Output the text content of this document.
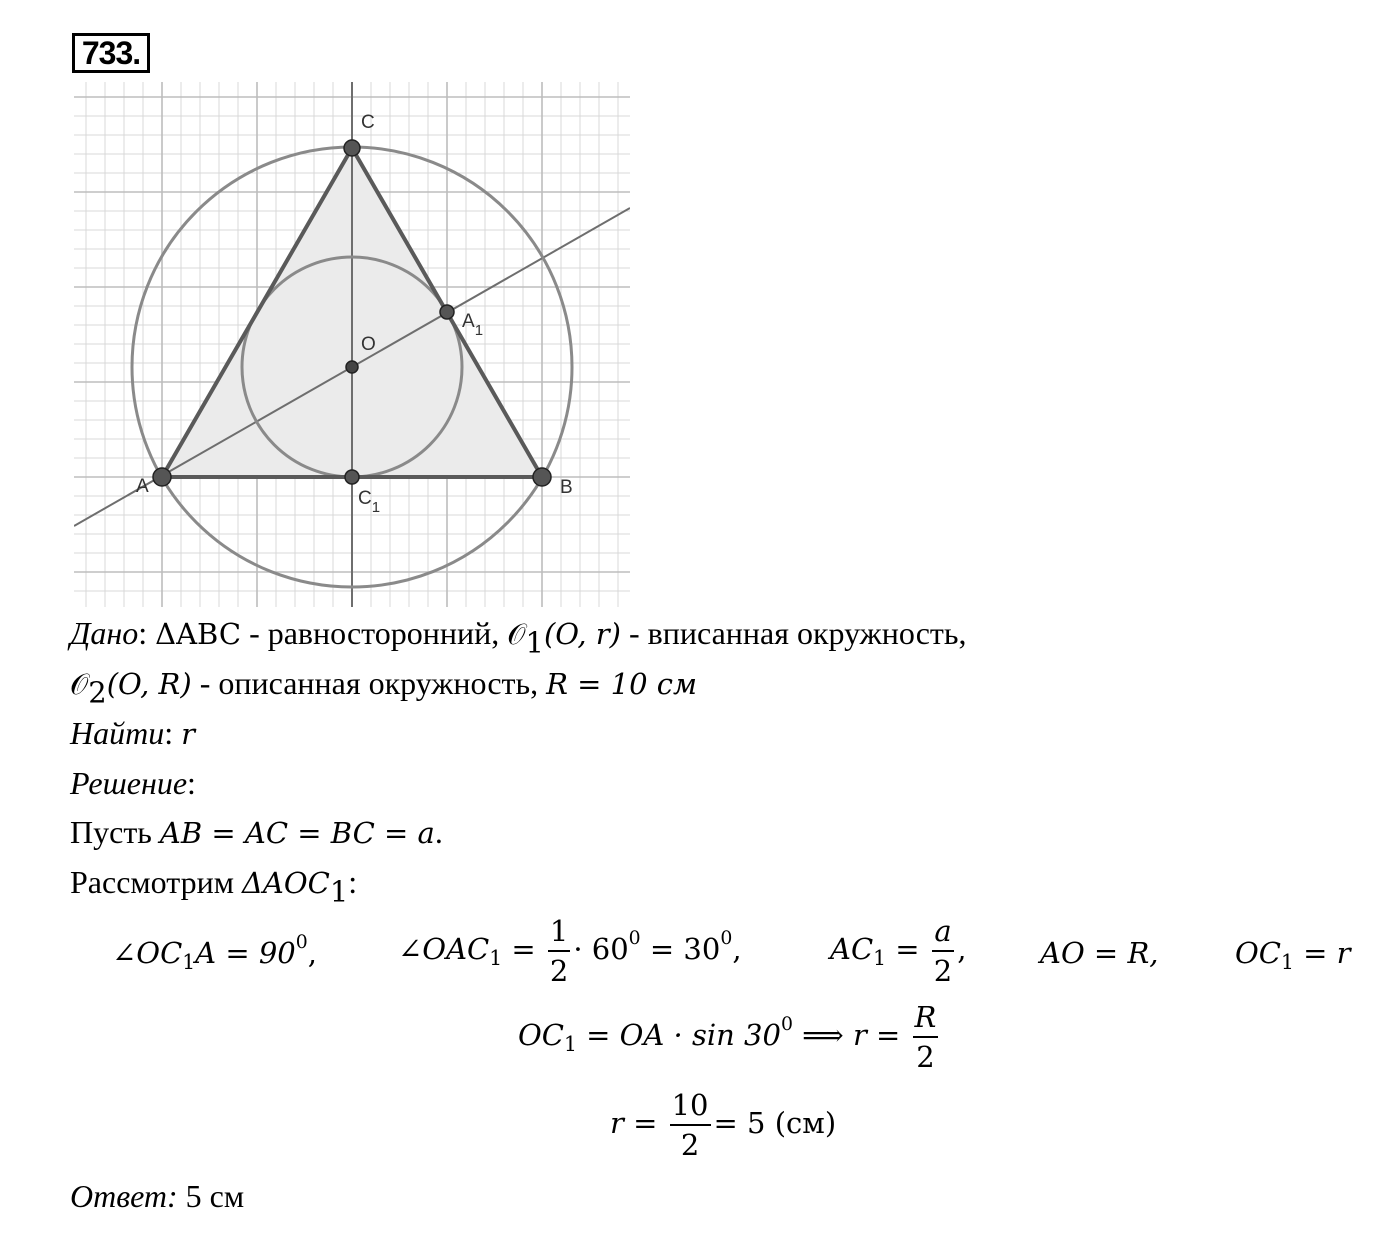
733.
C
$A_1$
O
A	B
$C_1$
Дано: ΔABC - равносторонний, 𝒪$_1$(O, r) - вписанная окружность,
𝒪$_2$(O, R) - описанная окружность, R = 10 см
Найти: r
Решение:
Пусть AB = AC = BC = a.
Рассмотрим $\Delta AOC_1$:
$\angle OC_1A = 90^0$,	$\angle OAC_1 = \frac{1}{2} \cdot 60^0 = 30^0$,	$AC_1 = \frac{a}{2}$ ,	AO = R,	$OC_1 = r$
$OC_1$ = OA · $\sin 30^0$ ⟹ $r = \frac{R}{2}$
$r = \frac{10}{2} = 5$ (см)
Ответ: 5 см
